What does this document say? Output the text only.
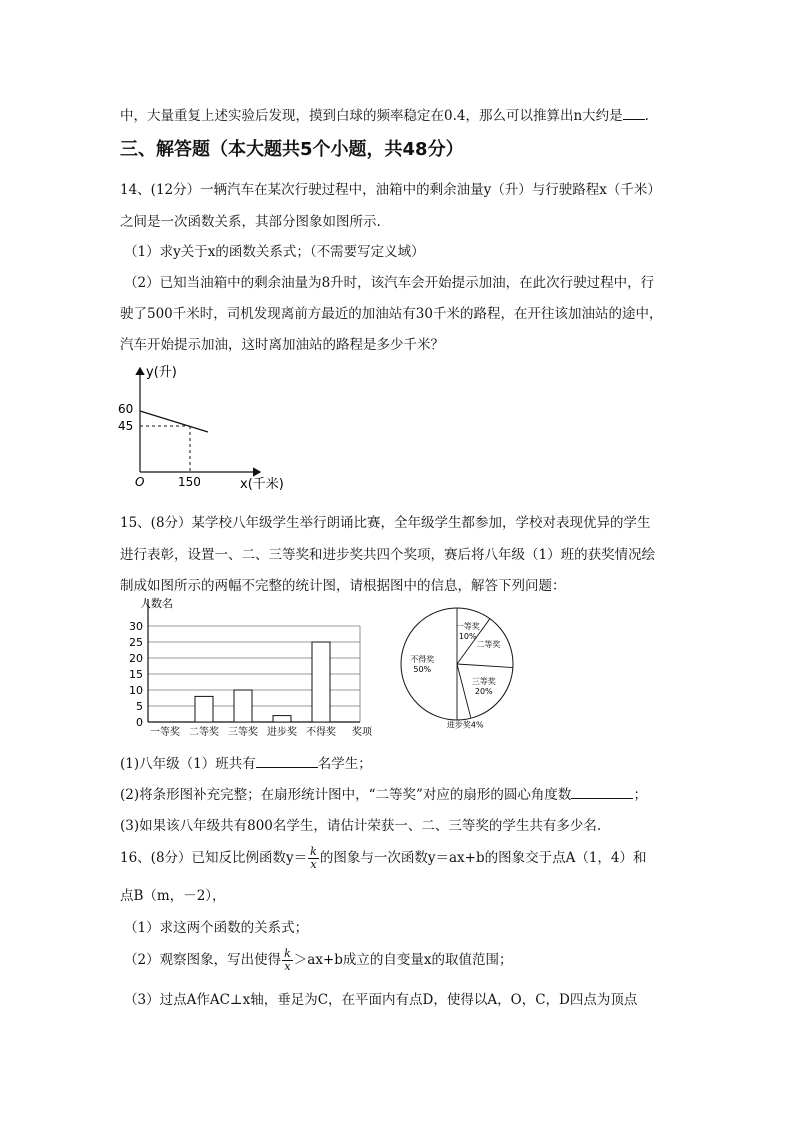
中，大量重复上述实验后发现，摸到白球的频率稳定在0.4，那么可以推算出n大约是 .
三、解答题（本大题共5个小题，共48分）
14、(12分）一辆汽车在某次行驶过程中，油箱中的剩余油量y（升）与行驶路程x（千米）
之间是一次函数关系，其部分图象如图所示.
（1）求y关于x的函数关系式；（不需要写定义域）
（2）已知当油箱中的剩余油量为8升时，该汽车会开始提示加油，在此次行驶过程中，行
驶了500千米时，司机发现离前方最近的加油站有30千米的路程，在开往该加油站的途中，
汽车开始提示加油，这时离加油站的路程是多少千米？
y(升)
x(千米)
O
60
45
150
15、(8分）某学校八年级学生举行朗诵比赛，全年级学生都参加，学校对表现优异的学生
进行表彰，设置一、二、三等奖和进步奖共四个奖项，赛后将八年级（1）班的获奖情况绘
制成如图所示的两幅不完整的统计图，请根据图中的信息，解答下列问题：
0
5
10
15
20
25
30
人数名
一等奖 二等奖 三等奖 进步奖 不得奖 奖项
一等奖
10%
二等奖
三等奖
20%
进步奖4%
不得奖
50%
(1)八年级（1）班共有	名学生；
(2)将条形图补充完整；在扇形统计图中，“二等奖”对应的扇形的圆心角度数	；
(3)如果该八年级共有800名学生，请估计荣获一、二、三等奖的学生共有多少名.
16、(8分）已知反比例函数$y= \frac{k}{x}$ 的图象与一次函数y＝ax+b的图象交于点A（1，4）和
点B（m，－2），
（1）求这两个函数的关系式；
（2）观察图象，写出使得 $\frac{k}{x} >ax+b$成立的自变量x的取值范围；
（3）过点A作AC⊥x轴，垂足为C，在平面内有点D，使得以A，O，C，D四点为顶点
